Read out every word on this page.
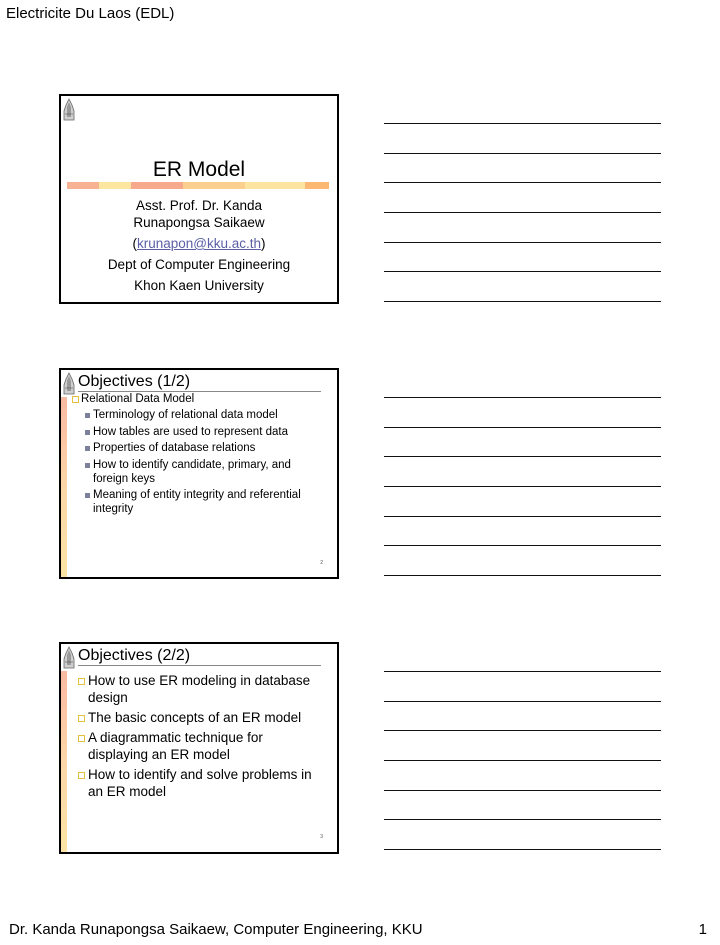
Electricite Du Laos (EDL)
ER Model

Asst. Prof. Dr. Kanda
Runapongsa Saikaew

(krunapon@kku.ac.th)

Dept of Computer Engineering

Khon Kaen University

Objectives (1/2)
Relational Data Model
Terminology of relational data model
How tables are used to represent data
Properties of database relations
How to identify candidate, primary, and foreign keys
Meaning of entity integrity and referential integrity
2
Objectives (2/2)
How to use ER modeling in database design
The basic concepts of an ER model
A diagrammatic technique for displaying an ER model
How to identify and solve problems in an ER model
3
Dr. Kanda Runapongsa Saikaew, Computer Engineering, KKU	1
